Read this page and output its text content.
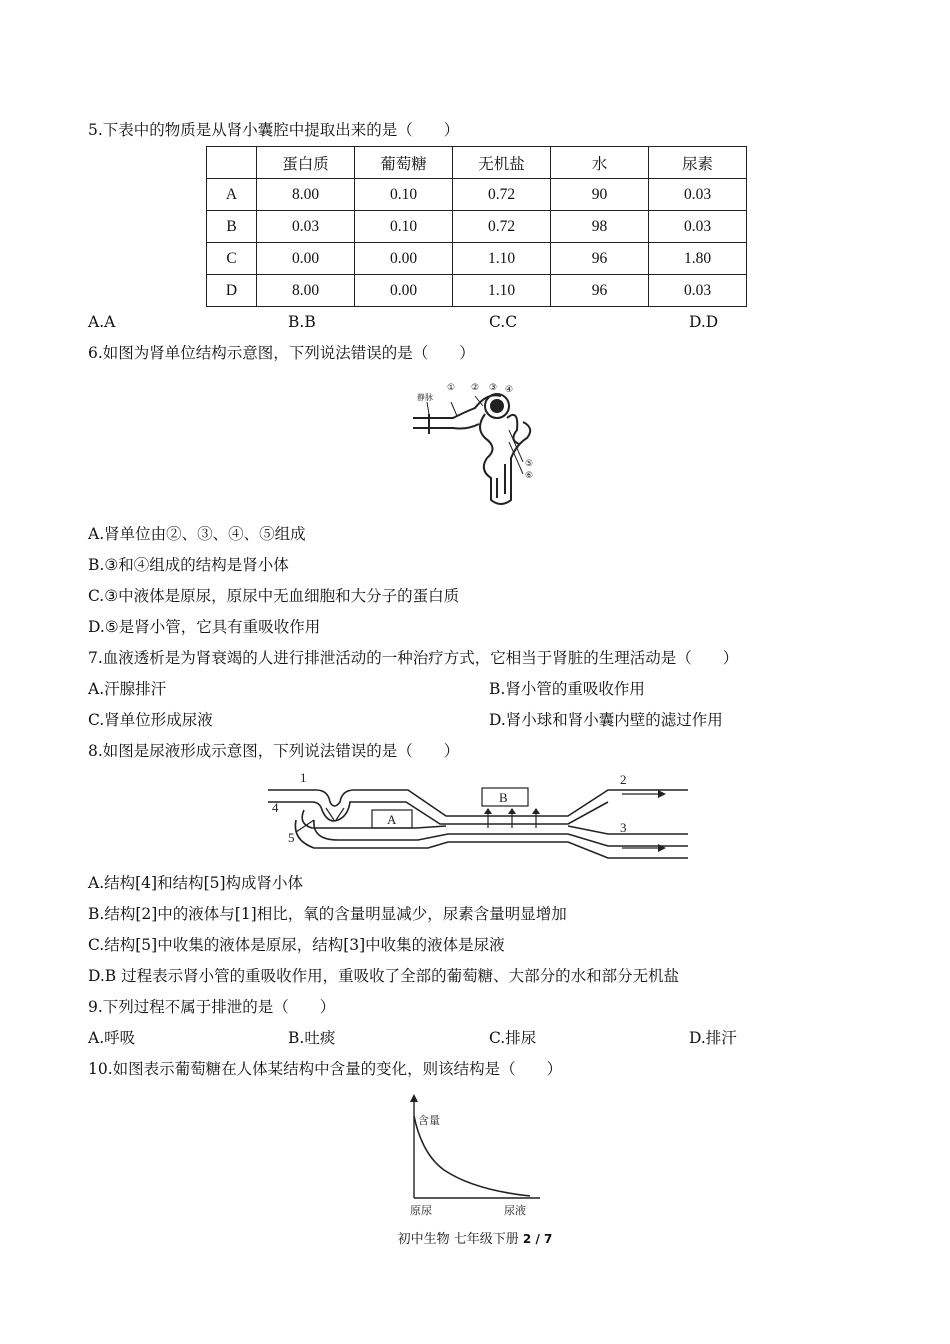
5.下表中的物质是从肾小囊腔中提取出来的是（　　）
	蛋白质	葡萄糖	无机盐	水	尿素
A	8.00	0.10	0.72	90	0.03
B	0.03	0.10	0.72	98	0.03
C	0.00	0.00	1.10	96	1.80
D	8.00	0.00	1.10	96	0.03
A.A	B.B	C.C	D.D
6.如图为肾单位结构示意图，下列说法错误的是（　　）
① ② ③ ④
⑤
⑥
静脉
A.肾单位由②、③、④、⑤组成
B.③和④组成的结构是肾小体
C.③中液体是原尿，原尿中无血细胞和大分子的蛋白质
D.⑤是肾小管，它具有重吸收作用
7.血液透析是为肾衰竭的人进行排泄活动的一种治疗方式，它相当于肾脏的生理活动是（　　）
A.汗腺排汗	B.肾小管的重吸收作用
C.肾单位形成尿液	D.肾小球和肾小囊内壁的滤过作用
8.如图是尿液形成示意图，下列说法错误的是（　　）
1	2
3
4
5
A
B
A.结构[4]和结构[5]构成肾小体
B.结构[2]中的液体与[1]相比，氧的含量明显减少，尿素含量明显增加
C.结构[5]中收集的液体是原尿，结构[3]中收集的液体是尿液
D.B 过程表示肾小管的重吸收作用，重吸收了全部的葡萄糖、大部分的水和部分无机盐
9.下列过程不属于排泄的是（　　）
A.呼吸	B.吐痰	C.排尿	D.排汗
10.如图表示葡萄糖在人体某结构中含量的变化，则该结构是（　　）
含量
原尿	尿液
初中生物 七年级下册 2 / 7
